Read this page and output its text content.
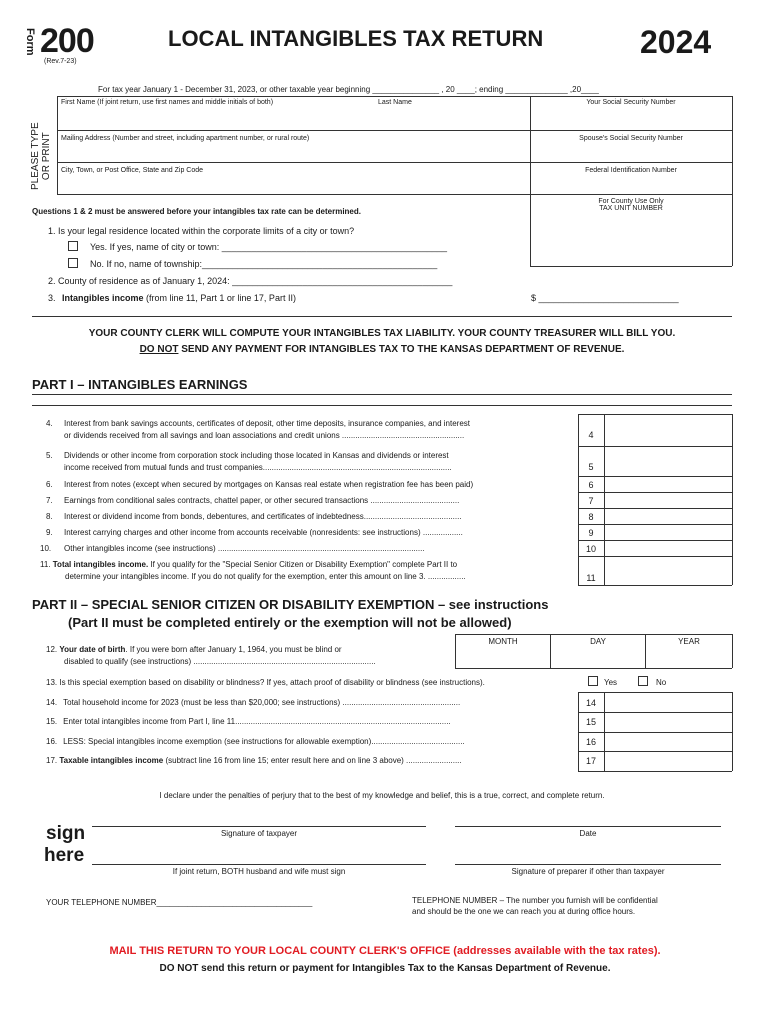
Form 200
(Rev.7-23)
LOCAL INTANGIBLES TAX RETURN	2024
For tax year January 1 - December 31, 2023, or other taxable year beginning _______________ , 20 ____; ending ______________ ,20____
PLEASE TYPE OR PRINT
First Name (If joint return, use first names and middle initials of both)	Last Name	Your Social Security Number
Mailing Address (Number and street, including apartment number, or rural route)	Spouse's Social Security Number
City, Town, or Post Office, State and Zip Code	Federal Identification Number
For County Use Only
TAX UNIT NUMBER
Questions 1 & 2 must be answered before your intangibles tax rate can be determined.
1. Is your legal residence located within the corporate limits of a city or town?
Yes. If yes, name of city or town: _____________________________________________
No. If no, name of township:_______________________________________________
2. County of residence as of January 1, 2024: ____________________________________________
3. Intangibles income (from line 11, Part 1 or line 17, Part II)	$ ____________________________
YOUR COUNTY CLERK WILL COMPUTE YOUR INTANGIBLES TAX LIABILITY. YOUR COUNTY TREASURER WILL BILL YOU.
DO NOT SEND ANY PAYMENT FOR INTANGIBLES TAX TO THE KANSAS DEPARTMENT OF REVENUE.
PART I – INTANGIBLES EARNINGS
4.	Interest from bank savings accounts, certificates of deposit, other time deposits, insurance companies, and interest
or dividends received from all savings and loan associations and credit unions .......................................................	4
5.	Dividends or other income from corporation stock including those located in Kansas and dividends or interest
income received from mutual funds and trust companies.....................................................................................	5
6.	Interest from notes (except when secured by mortgages on Kansas real estate when registration fee has been paid)	6
7.	Earnings from conditional sales contracts, chattel paper, or other secured transactions ........................................	7
8.	Interest or dividend income from bonds, debentures, and certificates of indebtedness............................................	8
9.	Interest carrying charges and other income from accounts receivable (nonresidents: see instructions) ..................	9
10.	Other intangibles income (see instructions) .............................................................................................	10
11. Total intangibles income. If you qualify for the "Special Senior Citizen or Disability Exemption" complete Part II to
determine your intangibles income. If you do not qualify for the exemption, enter this amount on line 3. .................	11
PART II – SPECIAL SENIOR CITIZEN OR DISABILITY EXEMPTION – see instructions
(Part II must be completed entirely or the exemption will not be allowed)
MONTH	DAY	YEAR
12. Your date of birth. If you were born after January 1, 1964, you must be blind or
disabled to qualify (see instructions) ..................................................................................
13. Is this special exemption based on disability or blindness? If yes, attach proof of disability or blindness (see instructions).	Yes	No
14. Total household income for 2023 (must be less than $20,000; see instructions) .....................................................	14
15. Enter total intangibles income from Part I, line 11.................................................................................................	15
16. LESS: Special intangibles income exemption (see instructions for allowable exemption)..........................................	16
17. Taxable intangibles income (subtract line 16 from line 15; enter result here and on line 3 above) .........................	17
I declare under the penalties of perjury that to the best of my knowledge and belief, this is a true, correct, and complete return.
sign
here
Signature of taxpayer	Date
If joint return, BOTH husband and wife must sign	Signature of preparer if other than taxpayer
YOUR TELEPHONE NUMBER___________________________________	TELEPHONE NUMBER – The number you furnish will be confidential
and should be the one we can reach you at during office hours.
MAIL THIS RETURN TO YOUR LOCAL COUNTY CLERK'S OFFICE (addresses available with the tax rates).
DO NOT send this return or payment for Intangibles Tax to the Kansas Department of Revenue.
